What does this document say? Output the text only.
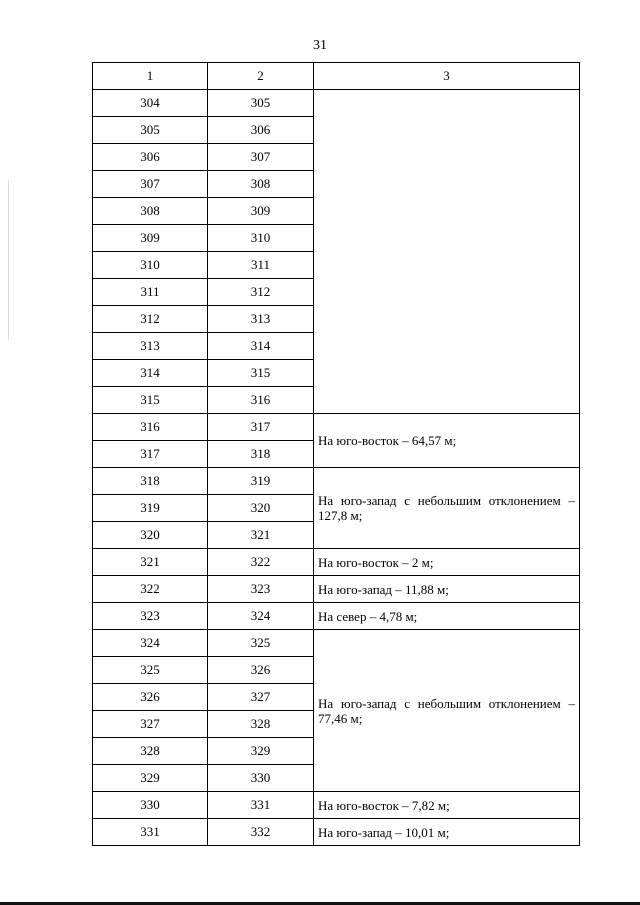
31
1	2	3
304	305	
305	306	
306	307	
307	308	
308	309	
309	310	
310	311	
311	312	
312	313	
313	314	
314	315	
315	316	
316	317	На юго-восток – 64,57 м;
317	318	
318	319	На юго-запад с небольшим отклонением – 127,8 м;
319	320	
320	321	
321	322	На юго-восток – 2 м;
322	323	На юго-запад – 11,88 м;
323	324	На север – 4,78 м;
324	325	На юго-запад с небольшим отклонением – 77,46 м;
325	326	
326	327	
327	328	
328	329	
329	330	
330	331	На юго-восток – 7,82 м;
331	332	На юго-запад – 10,01 м;
